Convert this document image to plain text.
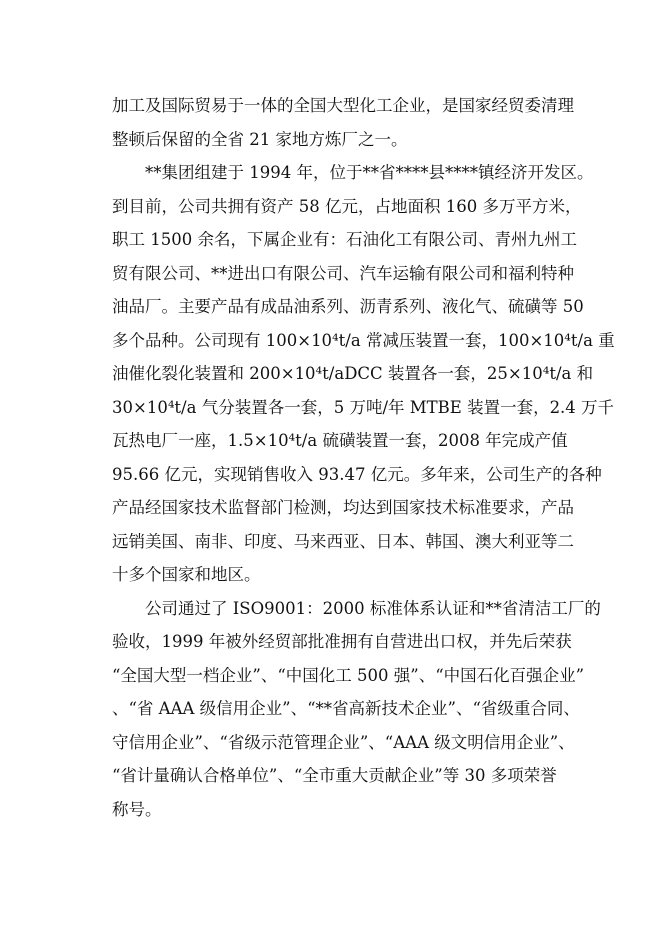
加工及国际贸易于一体的全国大型化工企业，是国家经贸委清理
整顿后保留的全省 21 家地方炼厂之一。
**集团组建于 1994 年，位于**省****县****镇经济开发区。
到目前，公司共拥有资产 58 亿元，占地面积 160 多万平方米，
职工 1500 余名，下属企业有：石油化工有限公司、青州九州工
贸有限公司、**进出口有限公司、汽车运输有限公司和福利特种
油品厂。主要产品有成品油系列、沥青系列、液化气、硫磺等 50
多个品种。公司现有 100×10⁴t/a 常减压装置一套，100×10⁴t/a 重
油催化裂化装置和 200×10⁴t/aDCC 装置各一套，25×10⁴t/a 和
30×10⁴t/a 气分装置各一套，5 万吨/年 MTBE 装置一套，2.4 万千
瓦热电厂一座，1.5×10⁴t/a 硫磺装置一套，2008 年完成产值
95.66 亿元，实现销售收入 93.47 亿元。多年来，公司生产的各种
产品经国家技术监督部门检测，均达到国家技术标准要求，产品
远销美国、南非、印度、马来西亚、日本、韩国、澳大利亚等二
十多个国家和地区。
公司通过了 ISO9001：2000 标准体系认证和**省清洁工厂的
验收，1999 年被外经贸部批准拥有自营进出口权，并先后荣获
“全国大型一档企业”、“中国化工 500 强”、“中国石化百强企业”
、“省 AAA 级信用企业”、“**省高新技术企业”、“省级重合同、
守信用企业”、“省级示范管理企业”、“AAA 级文明信用企业”、
“省计量确认合格单位”、“全市重大贡献企业”等 30 多项荣誉
称号。
